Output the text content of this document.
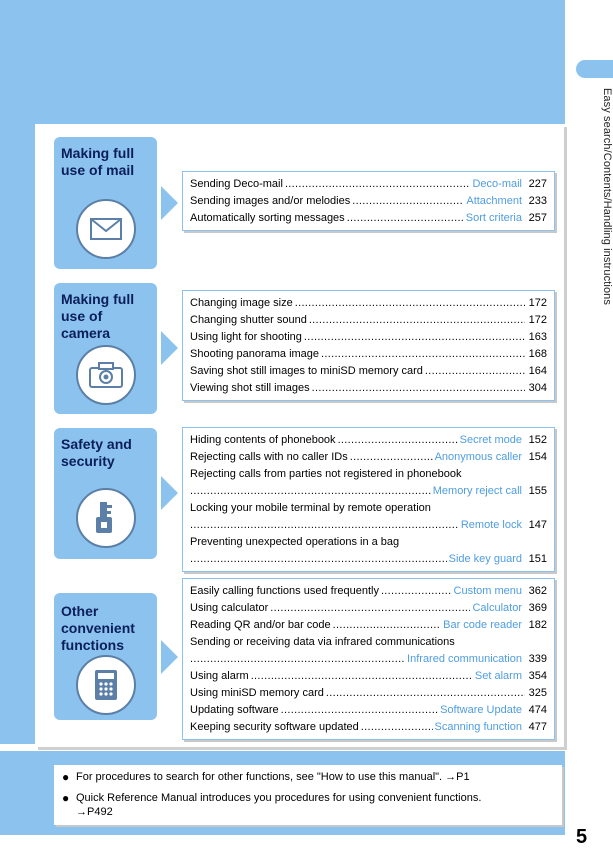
Easy search/Contents/Handling instructions
Making full
use of mail
Sending Deco-mail .....	Deco-mail 227
Sending images and/or melodies .....	Attachment 233
Automatically sorting messages .....	Sort criteria 257
Making full
use of
camera
Changing image size .....	172
Changing shutter sound .....	172
Using light for shooting .....	163
Shooting panorama image .....	168
Saving shot still images to miniSD memory card .....	164
Viewing shot still images .....	304
Safety and
security
Hiding contents of phonebook .....	Secret mode 152
Rejecting calls with no caller IDs .....	Anonymous caller 154
Rejecting calls from parties not registered in phonebook
.....
Memory reject call 155
Locking your mobile terminal by remote operation
.....
Remote lock 147
Preventing unexpected operations in a bag
.....
Side key guard 151
Other
convenient
functions
Easily calling functions used frequently .....	Custom menu 362
Using calculator .....	Calculator 369
Reading QR and/or bar code .....	Bar code reader 182
Sending or receiving data via infrared communications
.....
Infrared communication 339
Using alarm .....	Set alarm 354
Using miniSD memory card .....	325
Updating software .....	Software Update 474
Keeping security software updated .....	Scanning function 477
● For procedures to search for other functions, see "How to use this manual". →P1
● Quick Reference Manual introduces you procedures for using convenient functions.
→P492
5
